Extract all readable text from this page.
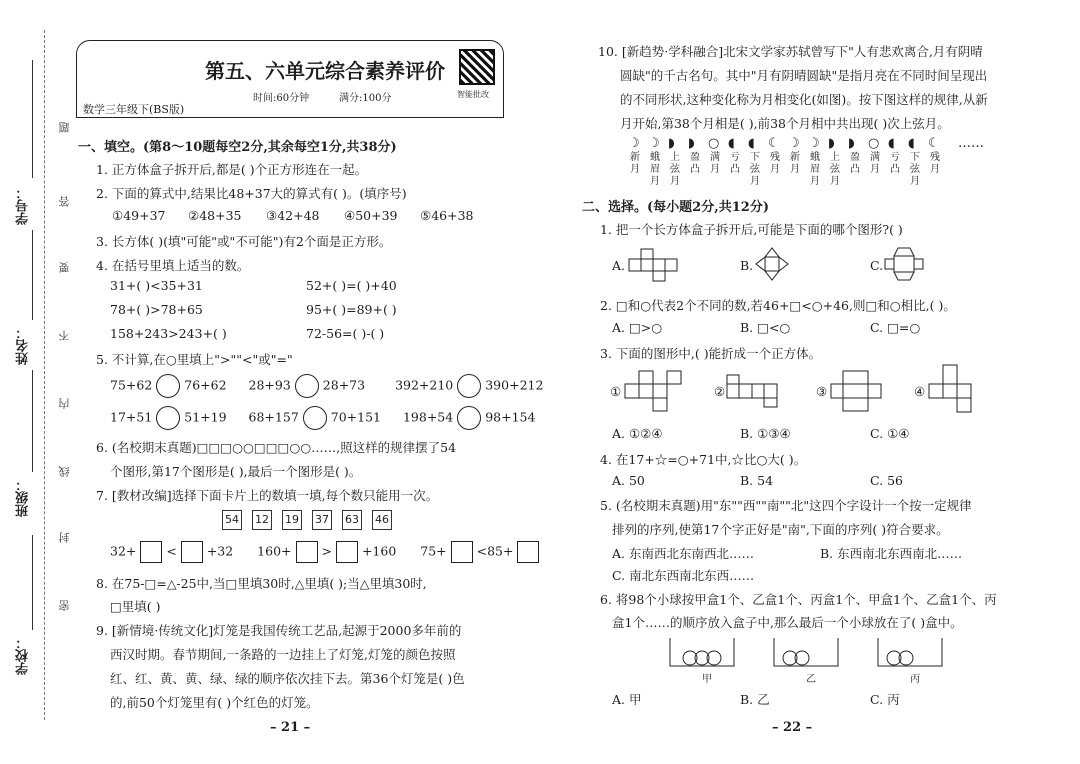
学号：
姓名：
班级：
学校：
题
答
要
不
内
线
封
密
第五、六单元综合素养评价
数学三年级下(BS版)
时间:60分钟	满分:100分	智能批改
一、填空。(第8～10题每空2分,其余每空1分,共38分)
1. 正方体盒子拆开后,都是( )个正方形连在一起。
2. 下面的算式中,结果比48+37大的算式有( )。(填序号)
①49+37 ②48+35 ③42+48 ④50+39 ⑤46+38
3. 长方体( )(填"可能"或"不可能")有2个面是正方形。
4. 在括号里填上适当的数。
31+( )<35+31	52+( )=( )+40
78+( )>78+65	95+( )=89+( )
158+243>243+( )	72-56=( )-( )
5. 不计算,在○里填上">""<"或"="
75+62	76+62 28+93	28+73 392+210	390+212
17+51	51+19 68+157	70+151 198+54	98+154
6. (名校期末真题)□□□○○□□□○○……,照这样的规律摆了54
个图形,第17个图形是( ),最后一个图形是( )。
7. [教材改编]选择下面卡片上的数填一填,每个数只能用一次。
54 12 19 37 63 46
32+ < +32 160+ > +160 75+ <85+
8. 在75-□=△-25中,当□里填30时,△里填( );当△里填30时,
□里填( )
9. [新情境·传统文化]灯笼是我国传统工艺品,起源于2000多年前的
西汉时期。春节期间,一条路的一边挂上了灯笼,灯笼的颜色按照
红、红、黄、黄、绿、绿的顺序依次挂下去。第36个灯笼是( )色
的,前50个灯笼里有( )个红色的灯笼。
– 21 –
10. [新趋势·学科融合]北宋文学家苏轼曾写下"人有悲欢离合,月有阴晴
圆缺"的千古名句。其中"月有阴晴圆缺"是指月亮在不同时间呈现出
的不同形状,这种变化称为月相变化(如图)。按下图这样的规律,从新
月开始,第38个月相是( ),前38个月相中共出现( )次上弦月。
☽ ☽ ◗ ◗ ○ ◖ ◖ ☾ ☽ ☽ ◗ ◗ ○ ◖ ◖ ☾ ……
新月
蛾眉月
上弦月
盈凸
满月
亏凸
下弦月
残月
新月
蛾眉月
上弦月
盈凸
满月
亏凸
下弦月
残月
二、选择。(每小题2分,共12分)
1. 把一个长方体盒子拆开后,可能是下面的哪个图形?( )
A.	B.	C.
2. □和○代表2个不同的数,若46+□<○+46,则□和○相比,( )。
A. □>○	B. □<○	C. □=○
3. 下面的图形中,( )能折成一个正方体。
①	②	③	④
A. ①②④	B. ①③④	C. ①④
4. 在17+☆=○+71中,☆比○大( )。
A. 50	B. 54	C. 56
5. (名校期末真题)用"东""西""南""北"这四个字设计一个按一定规律
排列的序列,使第17个字正好是"南",下面的序列( )符合要求。
A. 东南西北东南西北……	B. 东西南北东西南北……
C. 南北东西南北东西……
6. 将98个小球按甲盒1个、乙盒1个、丙盒1个、甲盒1个、乙盒1个、丙
盒1个……的顺序放入盒子中,那么最后一个小球放在了( )盒中。
甲	乙	丙
A. 甲	B. 乙	C. 丙
– 22 –
